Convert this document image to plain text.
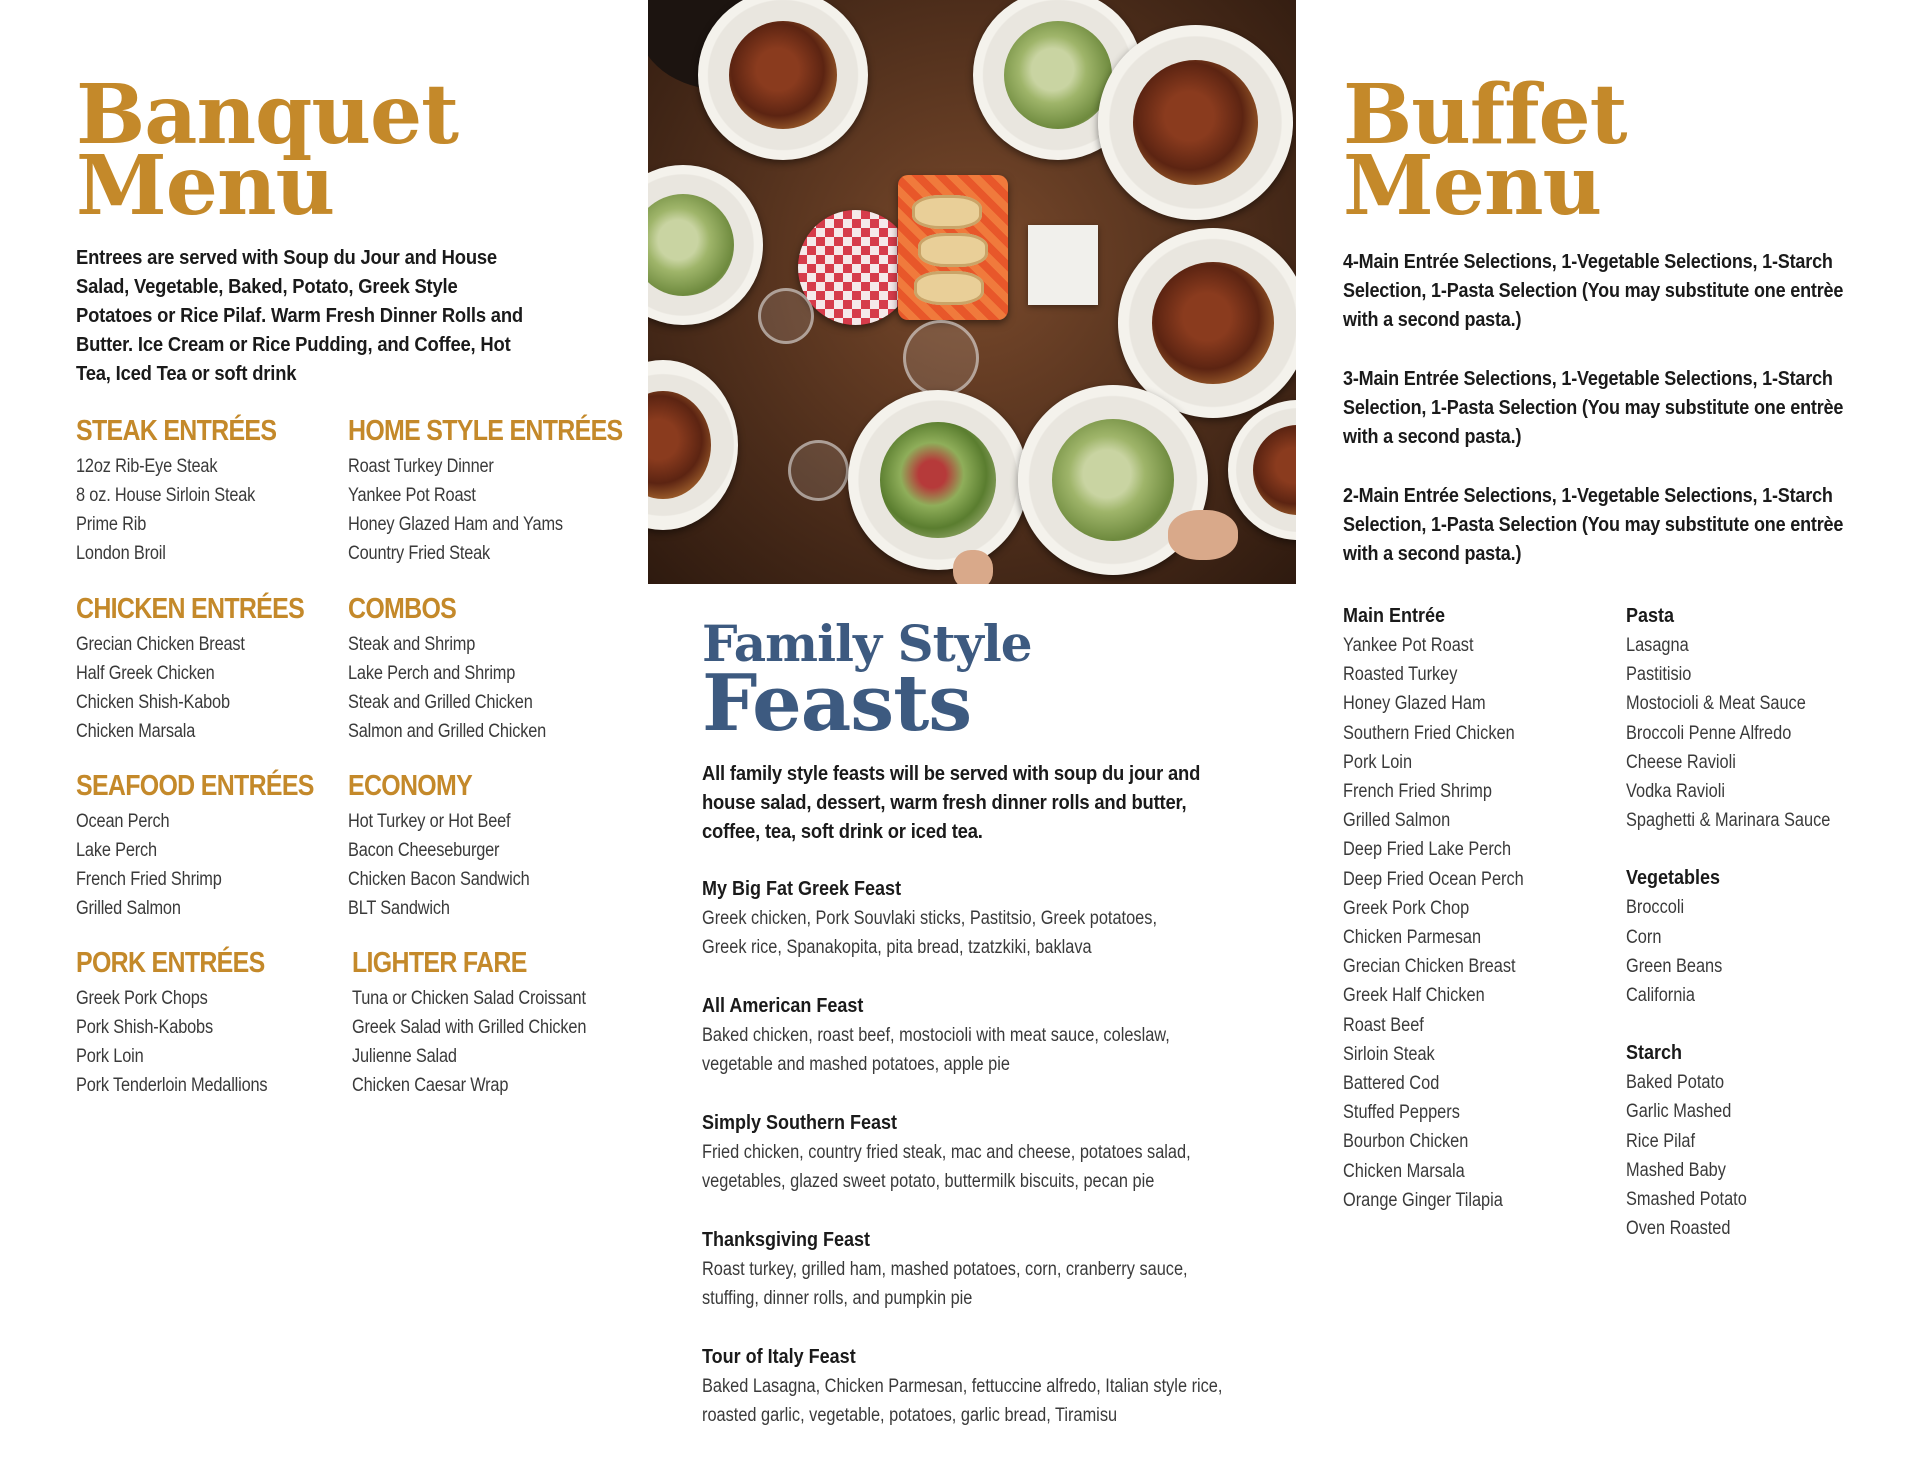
Banquet
Menu

Entrees are served with Soup du Jour and House Salad, Vegetable, Baked, Potato, Greek Style Potatoes or Rice Pilaf. Warm Fresh Dinner Rolls and Butter. Ice Cream or Rice Pudding, and Coffee, Hot Tea, Iced Tea or soft drink

STEAK ENTRÉES
12oz Rib-Eye Steak
8 oz. House Sirloin Steak
Prime Rib
London Broil
HOME STYLE ENTRÉES
Roast Turkey Dinner
Yankee Pot Roast
Honey Glazed Ham and Yams
Country Fried Steak
CHICKEN ENTRÉES
Grecian Chicken Breast
Half Greek Chicken
Chicken Shish-Kabob
Chicken Marsala
COMBOS
Steak and Shrimp
Lake Perch and Shrimp
Steak and Grilled Chicken
Salmon and Grilled Chicken
SEAFOOD ENTRÉES
Ocean Perch
Lake Perch
French Fried Shrimp
Grilled Salmon
ECONOMY
Hot Turkey or Hot Beef
Bacon Cheeseburger
Chicken Bacon Sandwich
BLT Sandwich
PORK ENTRÉES
Greek Pork Chops
Pork Shish-Kabobs
Pork Loin
Pork Tenderloin Medallions
LIGHTER FARE
Tuna or Chicken Salad Croissant
Greek Salad with Grilled Chicken
Julienne Salad
Chicken Caesar Wrap
Family Style
Feasts

All family style feasts will be served with soup du jour and house salad, dessert, warm fresh dinner rolls and butter, coffee, tea, soft drink or iced tea.

My Big Fat Greek Feast

Greek chicken, Pork Souvlaki sticks, Pastitsio, Greek potatoes,

Greek rice, Spanakopita, pita bread, tzatzkiki, baklava

All American Feast

Baked chicken, roast beef, mostocioli with meat sauce, coleslaw,

vegetable and mashed potatoes, apple pie

Simply Southern Feast

Fried chicken, country fried steak, mac and cheese, potatoes salad,

vegetables, glazed sweet potato, buttermilk biscuits, pecan pie

Thanksgiving Feast

Roast turkey, grilled ham, mashed potatoes, corn, cranberry sauce,

stuffing, dinner rolls, and pumpkin pie

Tour of Italy Feast

Baked Lasagna, Chicken Parmesan, fettuccine alfredo, Italian style rice,

roasted garlic, vegetable, potatoes, garlic bread, Tiramisu

Buffet
Menu

4-Main Entrée Selections, 1-Vegetable Selections, 1-Starch Selection, 1-Pasta Selection (You may substitute one entrèe with a second pasta.)

3-Main Entrée Selections, 1-Vegetable Selections, 1-Starch Selection, 1-Pasta Selection (You may substitute one entrèe with a second pasta.)

2-Main Entrée Selections, 1-Vegetable Selections, 1-Starch Selection, 1-Pasta Selection (You may substitute one entrèe with a second pasta.)

Main Entrée
Yankee Pot Roast
Roasted Turkey
Honey Glazed Ham
Southern Fried Chicken
Pork Loin
French Fried Shrimp
Grilled Salmon
Deep Fried Lake Perch
Deep Fried Ocean Perch
Greek Pork Chop
Chicken Parmesan
Grecian Chicken Breast
Greek Half Chicken
Roast Beef
Sirloin Steak
Battered Cod
Stuffed Peppers
Bourbon Chicken
Chicken Marsala
Orange Ginger Tilapia
Pasta
Lasagna
Pastitisio
Mostocioli & Meat Sauce
Broccoli Penne Alfredo
Cheese Ravioli
Vodka Ravioli
Spaghetti & Marinara Sauce
Vegetables
Broccoli
Corn
Green Beans
California
Starch
Baked Potato
Garlic Mashed
Rice Pilaf
Mashed Baby
Smashed Potato
Oven Roasted
